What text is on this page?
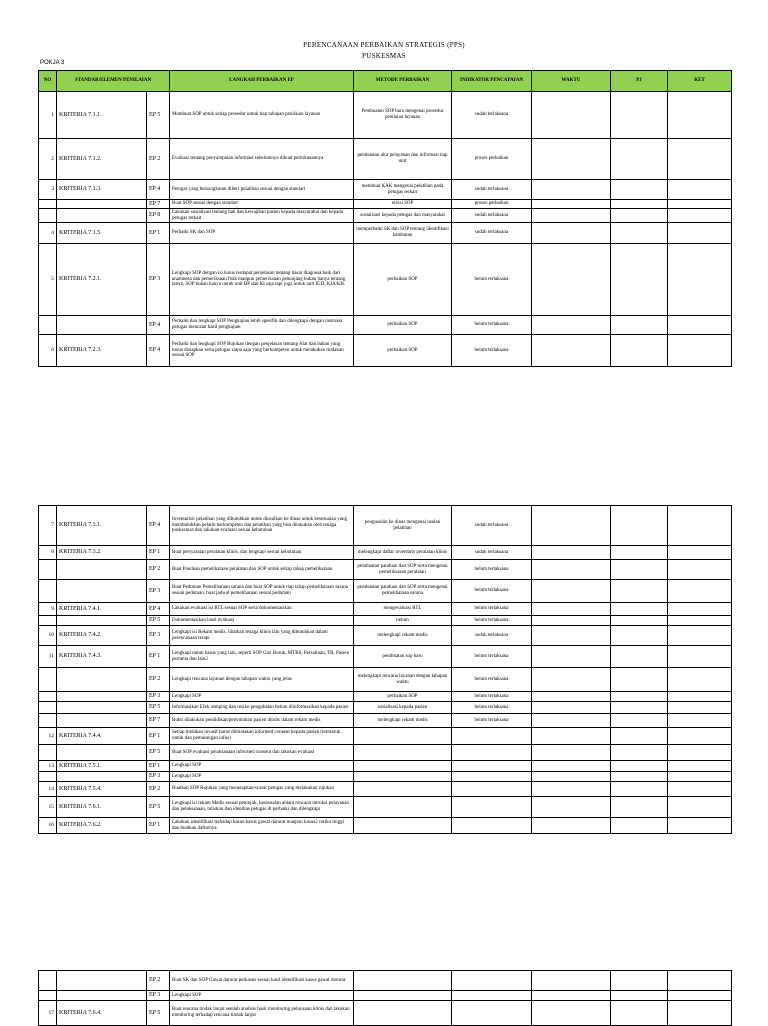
PERENCANAAN PERBAIKAN STRATEGIS (PPS)
PUSKESMAS
POKJA 3
NO	STANDAR/ELEMEN PENILAIAN		LANGKAH PERBAIKAN EP	METODE PERBAIKAN	INDIKATOR PENCAPAIAN	WAKTU	PJ	KET
1	KRITERIA 7.1.1.	EP 5	Membuat SOP untuk setiap prosedur untuk tiap tahapan penilaian layanan	Pembuatan SOP baru mengenai prosedur penilaian layanan	sudah terlaksana			
2	KRITERIA 7.1.2.	EP 2	Evaluasi tentang penyampaian informasi sebelumnya dibuat permintaannya	pembuatan alur pelayanan dan informasi tiap unit	proses perbaikan			
3	KRITERIA 7.1.3.	EP 4	Petugas yang bersangkutan diberi pelatihan sesuai dengan standart	membuat KAK mengenai pelatihan pada petugas terkait	sudah terlaksana			
		EP 7	Buat SOP sesuai dengan standart	revisi SOP	proses perbaikan			
		EP 8	Lakukan sosialisasi tentang hak dan kewajiban pasien kepada masyarakat dan kepada petugas terkait	sosialisasi kepada petugas dan masyarakat	sudah terlaksana			
4	KRITERIA 7.1.5.	EP 1	Perbaiki SK dan SOP	memperbaiki SK dan SOP tentang identifikasi hambatan	sudah terlaksana			
5	KRITERIA 7.2.1.	EP 3	Lengkapi SOP dengan isi harus terdapat penjelasan tentang dasar diagnosa baik dari anamnesa dan pemeriksaan fisik maupun pemeriksaan penunjang bukan hanya tentang tanya, SOP bukan hanya untuk unit BP dan KI saja tapi juga untuk unit IGD, KIA/KB.	perbaikan SOP	belum terlaksana			
		EP 4	Perbaiki dan lengkapi SOP Pengkajian lebih spesifik dan dilengkapi dengan instruksi petugas mencatat hasil pengkajian	perbaikan SOP	belum terlaksana			
6	KRITERIA 7.2.3.	EP 4	Perbaiki dan lengkapi SOP Rujukan dengan penjelasan tentang Alat dan bahan yang harus disiapkan serta petugas siapa saja yang berkompeten untuk melakukan tindakan sesuai SOP	perbaikan SOP	belum terlaksana			
7	KRITERIA 7.3.1.	EP 4	Inventarisir pelatihan yang dibutuhkan untuk diusulkan ke dinas untuk kesesuaian yang membutuhkan pelatih berkompeten dan pelatihan yang bisa dilakukan oleh tenaga puskesmas dan lakukan evaluasi sesuai kebutuhan	pengusulan ke dinas mengenai usulan pelatihan	sudah terlaksana			
8	KRITERIA 7.3.2.	EP 1	Buat persyaratan peralatan klinis, dan lengkapi sesuai kebutuhan	melengkapi daftar inventaris peralatan klinis	sudah terlaksana			
		EP 2	Buat Panduan pemeliharaan peralatan dan SOP untuk setiap tahap pemeliharaan	pembuatan panduan dan SOP serta mengenai pemeliharaan peralatan	belum terlaksana			
		EP 3	Buat Pedoman Pemeliharaan sarana dan buat SOP untuk tiap tahap pemeliharaan sarana sesuai pedoman, buat jadwal pemeliharaan sesuai pedoman	pembuatan panduan dan SOP serta mengenai pemeliharaan sarana	belum terlaksana			
9	KRITERIA 7.4.1.	EP 4	Lakukan evaluasi isi RTL sesuai SOP serta dokumentasikan	mengevaluasi RTL	belum terlaksana			
		EP 5	Dokumentasikan hasil evaluasi	belum	belum terlaksana			
10	KRITERIA 7.4.2.	EP 3	Lengkapi isi Rekam medis, libatkan tenaga klinis lain yang dibutuhkan dalam perencanaan terapi	melengkapi rekam medis	sudah terlaksana			
11	KRITERIA 7.4.3.	EP 1	Lengkapi untuk kasus yang lain, seperti SOP Gizi Buruk, MTBS, Persalinan, TB, Pasien pertama dan lain2	pembuatan sop baru	belum terlaksana			
		EP 2	Lengkapi rencana layanan dengan tahapan waktu yang jelas	melengkapi rencana layanan dengan tahapan waktu	belum terlaksana			
		EP 3	Lengkapi SOP	perbaikan SOP	belum terlaksana			
		EP 5	Informasikan Efek samping dan resiko pengobatan belum diinformasikan kepada pasien	sosialisasi kepada pasien	belum terlaksana			
		EP 7	Bukti dilakukan pendidikan/penyuluhan pasien ditulis dalam rekam medis	melengkapi rekam medis	belum terlaksana			
12	KRITERIA 7.4.4.	EP 1	Setiap tindakan invasif harus dimintakan informed consent kepada pasien (termasuk untuk dan pemasangan infus)					
		EP 5	Buat SOP evaluasi pelaksanaan informed consent dan lakukan evaluasi					
13	KRITERIA 7.5.1.	EP 1	Lengkapi SOP					
		EP 3	Lengkapi SOP					
14	KRITERIA 7.5.4.	EP 2	Buatkan SOP Rujukan yang menetapkan/syarat petugas yang melakukan rujukan					
15	KRITERIA 7.6.1.	EP 5	Lengkapi isi rekam Medis sesuai petunjuk, kesesuaian antara rencana intruksi pelayanan dan pelaksanaan, tuliskan dan identitas petugas di perbaiki dan dilengkapi					
16	KRITERIA 7.6.2.	EP 1	Lakukan identifikasi terhadap kasus-kasus gawat darurat maupun kasus2 resiko tinggi dan buatkan daftarnya.					
		EP 2	Buat SK dan SOP Gawat darurat perkasus sesuai hasil identifikasi kasus gawat darurat.					
		EP 3	Lengkapi SOP					
17	KRITERIA 7.6.4.	EP 5	Buat rencana tindak lanjut setelah analisis hasil monitoring pelayanan klinis dan lakukan monitoring terhadap rencana tindak lanjut					
